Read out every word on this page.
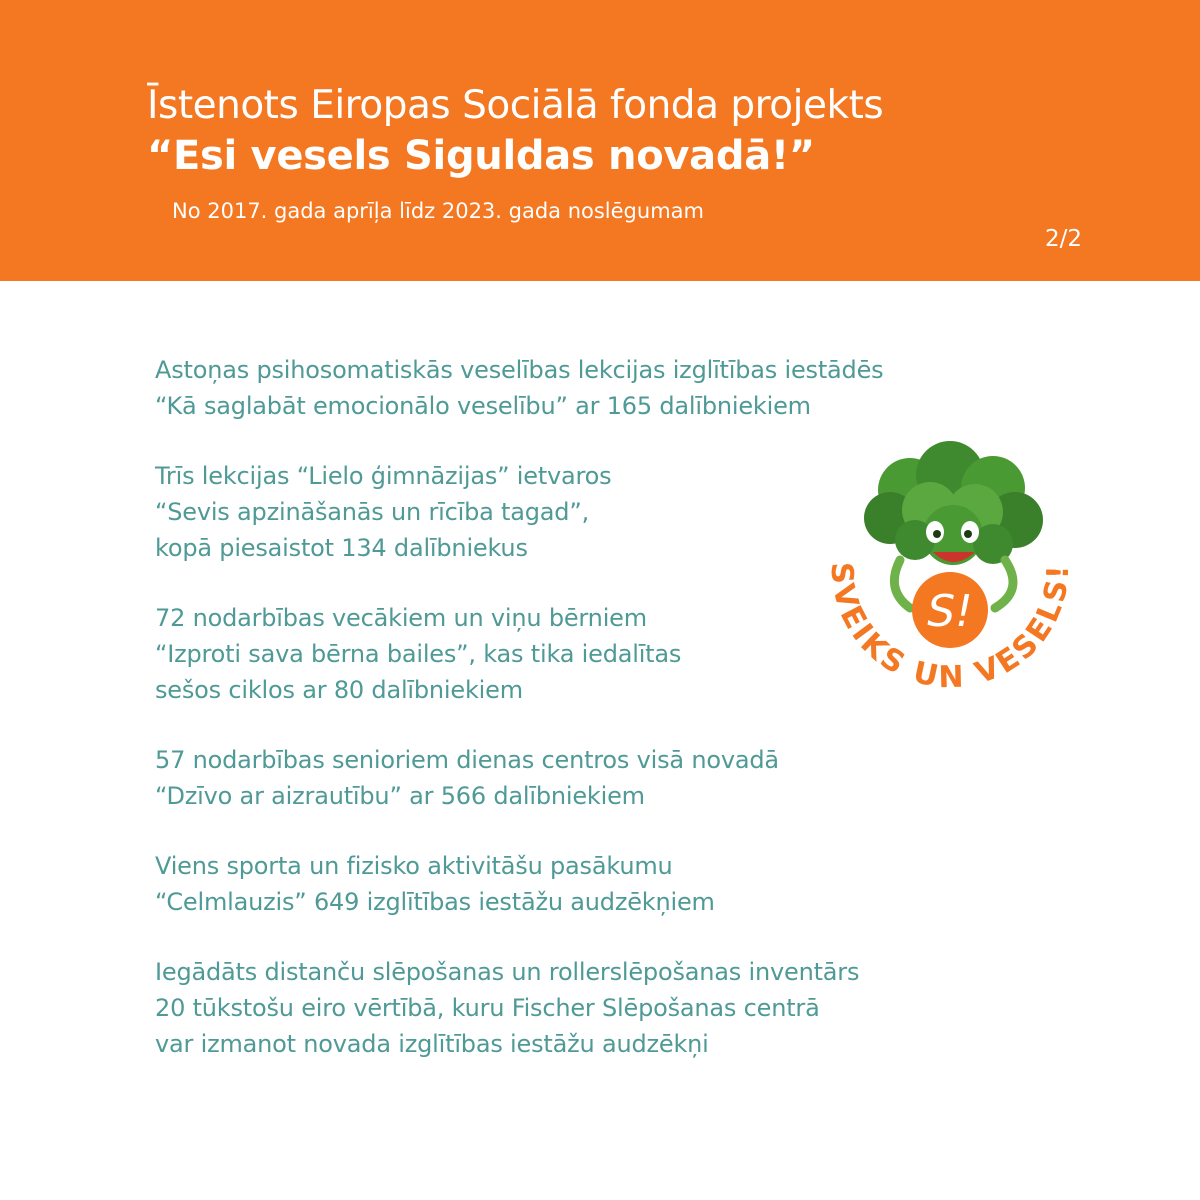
Īstenots Eiropas Sociālā fonda projekts
“Esi vesels Siguldas novadā!”
No 2017. gada aprīļa līdz 2023. gada noslēgumam
2/2
Astoņas psihosomatiskās veselības lekcijas izglītības iestādēs
“Kā saglabāt emocionālo veselību” ar 165 dalībniekiem
Trīs lekcijas “Lielo ģimnāzijas” ietvaros
“Sevis apzināšanās un rīcība tagad”,
kopā piesaistot 134 dalībniekus
72 nodarbības vecākiem un viņu bērniem
“Izproti sava bērna bailes”, kas tika iedalītas
sešos ciklos ar 80 dalībniekiem
57 nodarbības senioriem dienas centros visā novadā
“Dzīvo ar aizrautību” ar 566 dalībniekiem
Viens sporta un fizisko aktivitāšu pasākumu
“Celmlauzis” 649 izglītības iestāžu audzēkņiem
Iegādāts distanču slēpošanas un rollerslēpošanas inventārs
20 tūkstošu eiro vērtībā, kuru Fischer Slēpošanas centrā
var izmanot novada izglītības iestāžu audzēkņi
S!
SVEIKS UN VESELS!
